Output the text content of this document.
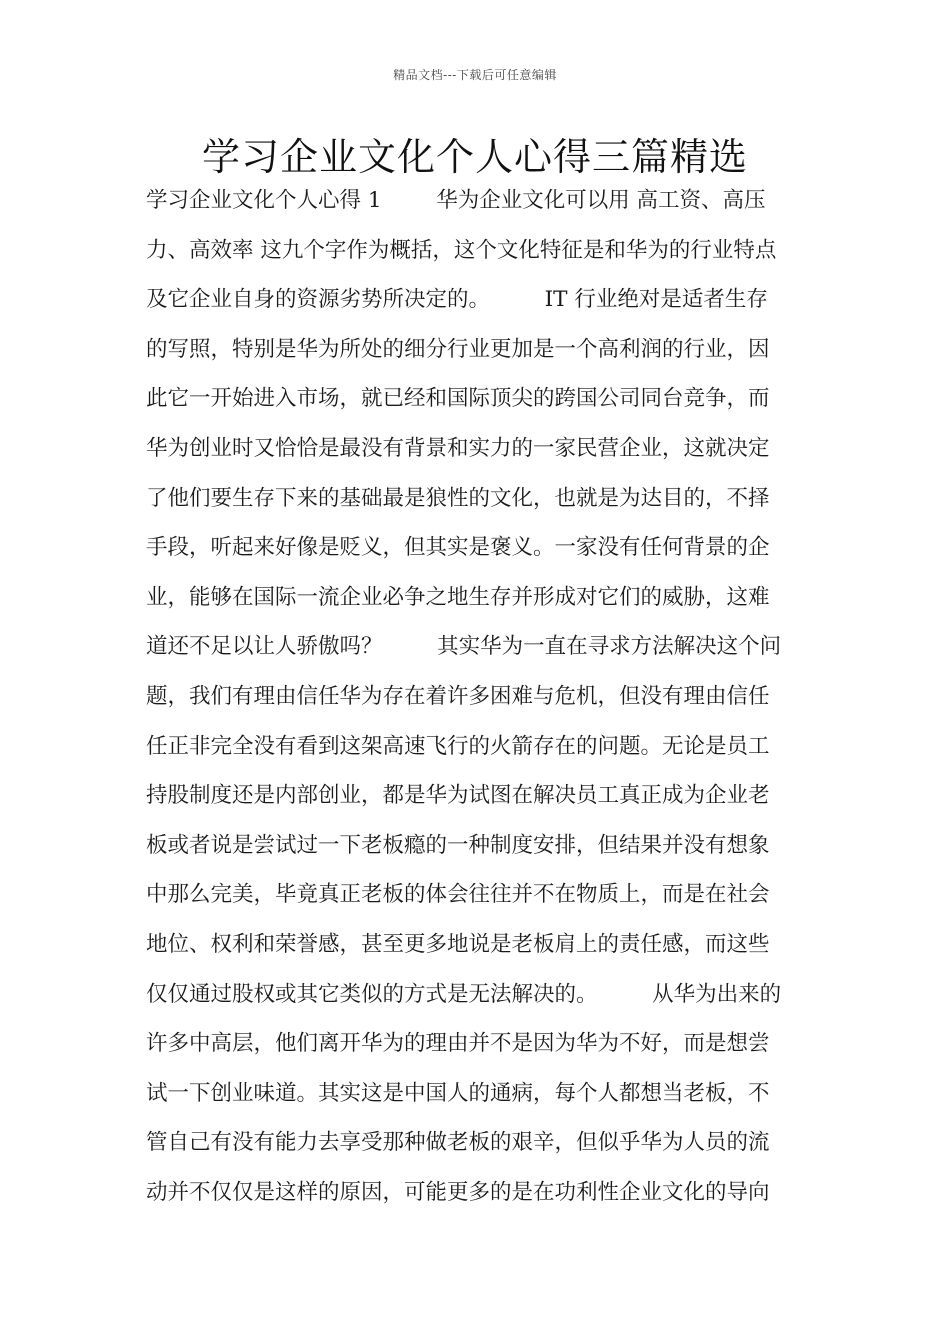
精品文档---下载后可任意编辑
学习企业文化个人心得三篇精选
学习企业文化个人心得 1        华为企业文化可以用 高工资、高压
力、高效率 这九个字作为概括，这个文化特征是和华为的行业特点
及它企业自身的资源劣势所决定的。        IT 行业绝对是适者生存
的写照，特别是华为所处的细分行业更加是一个高利润的行业，因
此它一开始进入市场，就已经和国际顶尖的跨国公司同台竞争，而
华为创业时又恰恰是最没有背景和实力的一家民营企业，这就决定
了他们要生存下来的基础最是狼性的文化，也就是为达目的，不择
手段，听起来好像是贬义，但其实是褒义。一家没有任何背景的企
业，能够在国际一流企业必争之地生存并形成对它们的威胁，这难
道还不足以让人骄傲吗？        其实华为一直在寻求方法解决这个问
题，我们有理由信任华为存在着许多困难与危机，但没有理由信任
任正非完全没有看到这架高速飞行的火箭存在的问题。无论是员工
持股制度还是内部创业，都是华为试图在解决员工真正成为企业老
板或者说是尝试过一下老板瘾的一种制度安排，但结果并没有想象
中那么完美，毕竟真正老板的体会往往并不在物质上，而是在社会
地位、权利和荣誉感，甚至更多地说是老板肩上的责任感，而这些
仅仅通过股权或其它类似的方式是无法解决的。        从华为出来的
许多中高层，他们离开华为的理由并不是因为华为不好，而是想尝
试一下创业味道。其实这是中国人的通病，每个人都想当老板，不
管自己有没有能力去享受那种做老板的艰辛，但似乎华为人员的流
动并不仅仅是这样的原因，可能更多的是在功利性企业文化的导向
